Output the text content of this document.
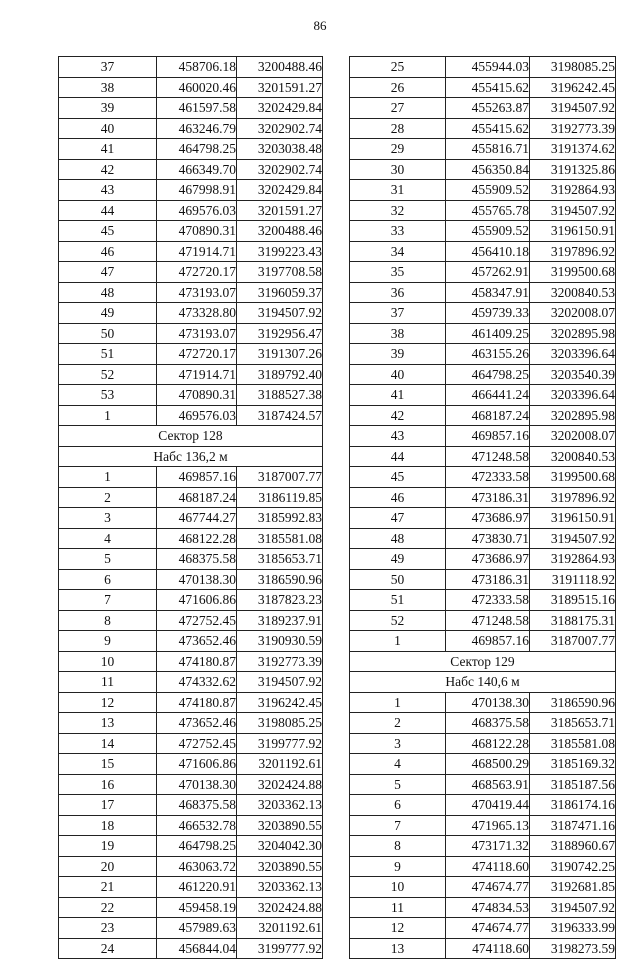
86
37	458706.18	3200488.46
38	460020.46	3201591.27
39	461597.58	3202429.84
40	463246.79	3202902.74
41	464798.25	3203038.48
42	466349.70	3202902.74
43	467998.91	3202429.84
44	469576.03	3201591.27
45	470890.31	3200488.46
46	471914.71	3199223.43
47	472720.17	3197708.58
48	473193.07	3196059.37
49	473328.80	3194507.92
50	473193.07	3192956.47
51	472720.17	3191307.26
52	471914.71	3189792.40
53	470890.31	3188527.38
1	469576.03	3187424.57
Сектор 128		
Набс 136,2 м		
1	469857.16	3187007.77
2	468187.24	3186119.85
3	467744.27	3185992.83
4	468122.28	3185581.08
5	468375.58	3185653.71
6	470138.30	3186590.96
7	471606.86	3187823.23
8	472752.45	3189237.91
9	473652.46	3190930.59
10	474180.87	3192773.39
11	474332.62	3194507.92
12	474180.87	3196242.45
13	473652.46	3198085.25
14	472752.45	3199777.92
15	471606.86	3201192.61
16	470138.30	3202424.88
17	468375.58	3203362.13
18	466532.78	3203890.55
19	464798.25	3204042.30
20	463063.72	3203890.55
21	461220.91	3203362.13
22	459458.19	3202424.88
23	457989.63	3201192.61
24	456844.04	3199777.92
25	455944.03	3198085.25
26	455415.62	3196242.45
27	455263.87	3194507.92
28	455415.62	3192773.39
29	455816.71	3191374.62
30	456350.84	3191325.86
31	455909.52	3192864.93
32	455765.78	3194507.92
33	455909.52	3196150.91
34	456410.18	3197896.92
35	457262.91	3199500.68
36	458347.91	3200840.53
37	459739.33	3202008.07
38	461409.25	3202895.98
39	463155.26	3203396.64
40	464798.25	3203540.39
41	466441.24	3203396.64
42	468187.24	3202895.98
43	469857.16	3202008.07
44	471248.58	3200840.53
45	472333.58	3199500.68
46	473186.31	3197896.92
47	473686.97	3196150.91
48	473830.71	3194507.92
49	473686.97	3192864.93
50	473186.31	3191118.92
51	472333.58	3189515.16
52	471248.58	3188175.31
1	469857.16	3187007.77
Сектор 129		
Набс 140,6 м		
1	470138.30	3186590.96
2	468375.58	3185653.71
3	468122.28	3185581.08
4	468500.29	3185169.32
5	468563.91	3185187.56
6	470419.44	3186174.16
7	471965.13	3187471.16
8	473171.32	3188960.67
9	474118.60	3190742.25
10	474674.77	3192681.85
11	474834.53	3194507.92
12	474674.77	3196333.99
13	474118.60	3198273.59
